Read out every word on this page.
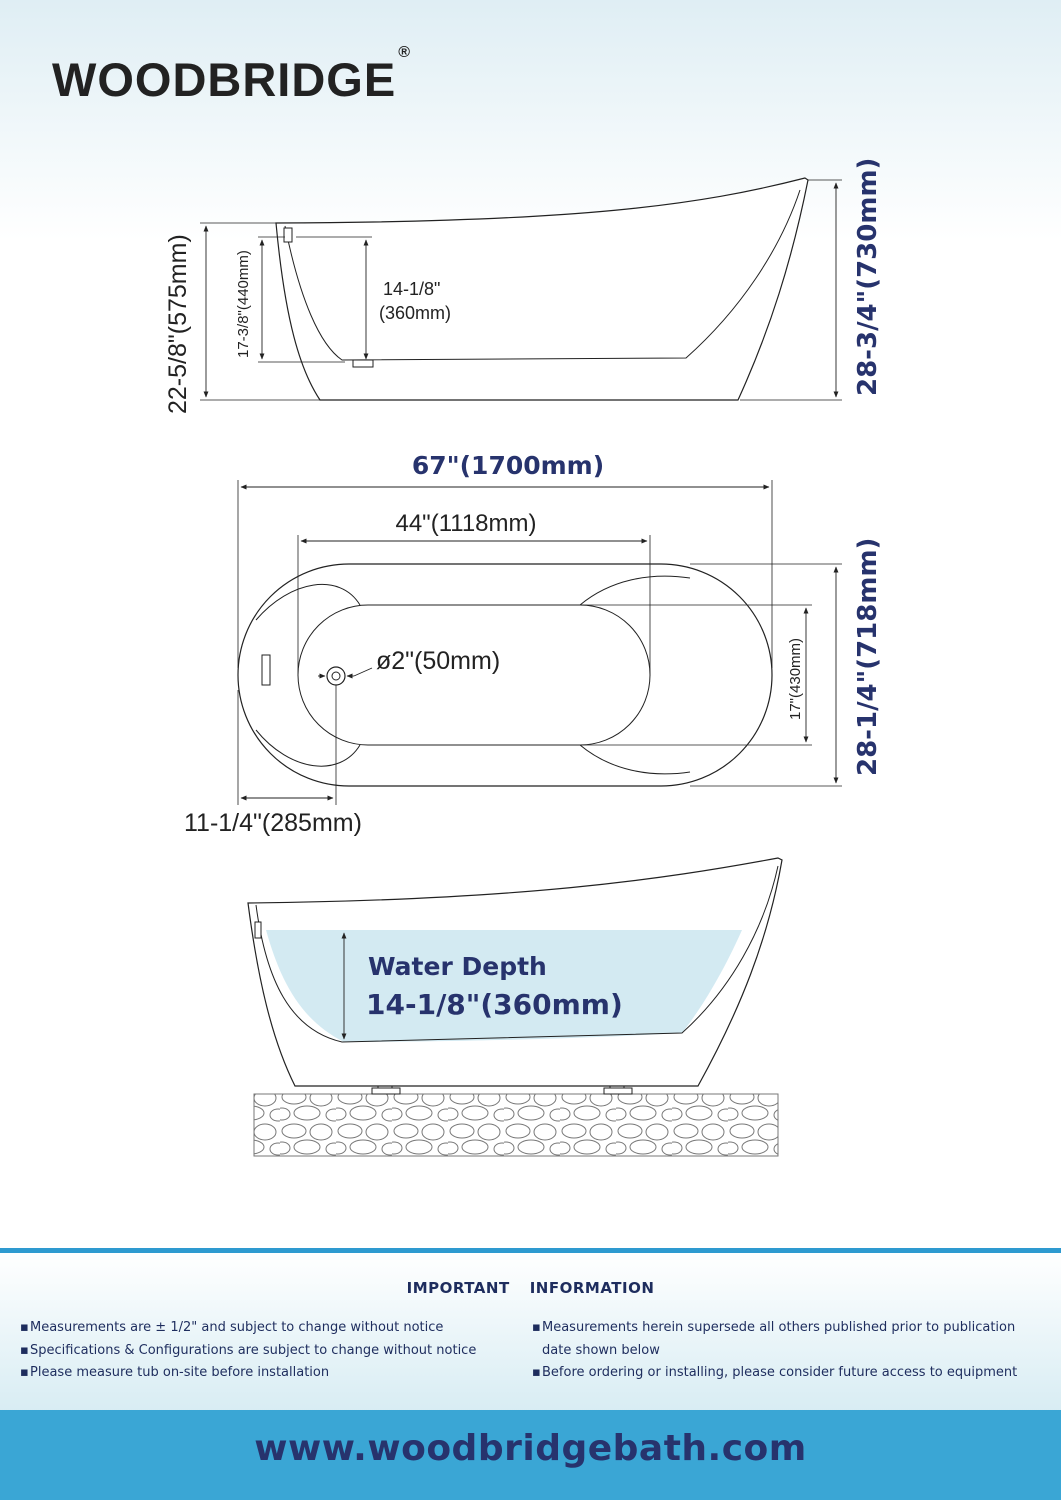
WOODBRIDGE®
22-5/8"(575mm)	17-3/8"(440mm)	14-1/8"
(360mm)	28-3/4"(730mm)
67"(1700mm)
44"(1118mm)
ø2"(50mm)	17"(430mm) 28-1/4"(718mm)
11-1/4"(285mm)
Water Depth
14-1/8"(360mm)
IMPORTANT INFORMATION
▪Measurements are ± 1/2" and subject to change without notice
▪Specifications & Configurations are subject to change without notice
▪Please measure tub on-site before installation
▪Measurements herein supersede all others published prior to publication
date shown below
▪Before ordering or installing, please consider future access to equipment
www.woodbridgebath.com
